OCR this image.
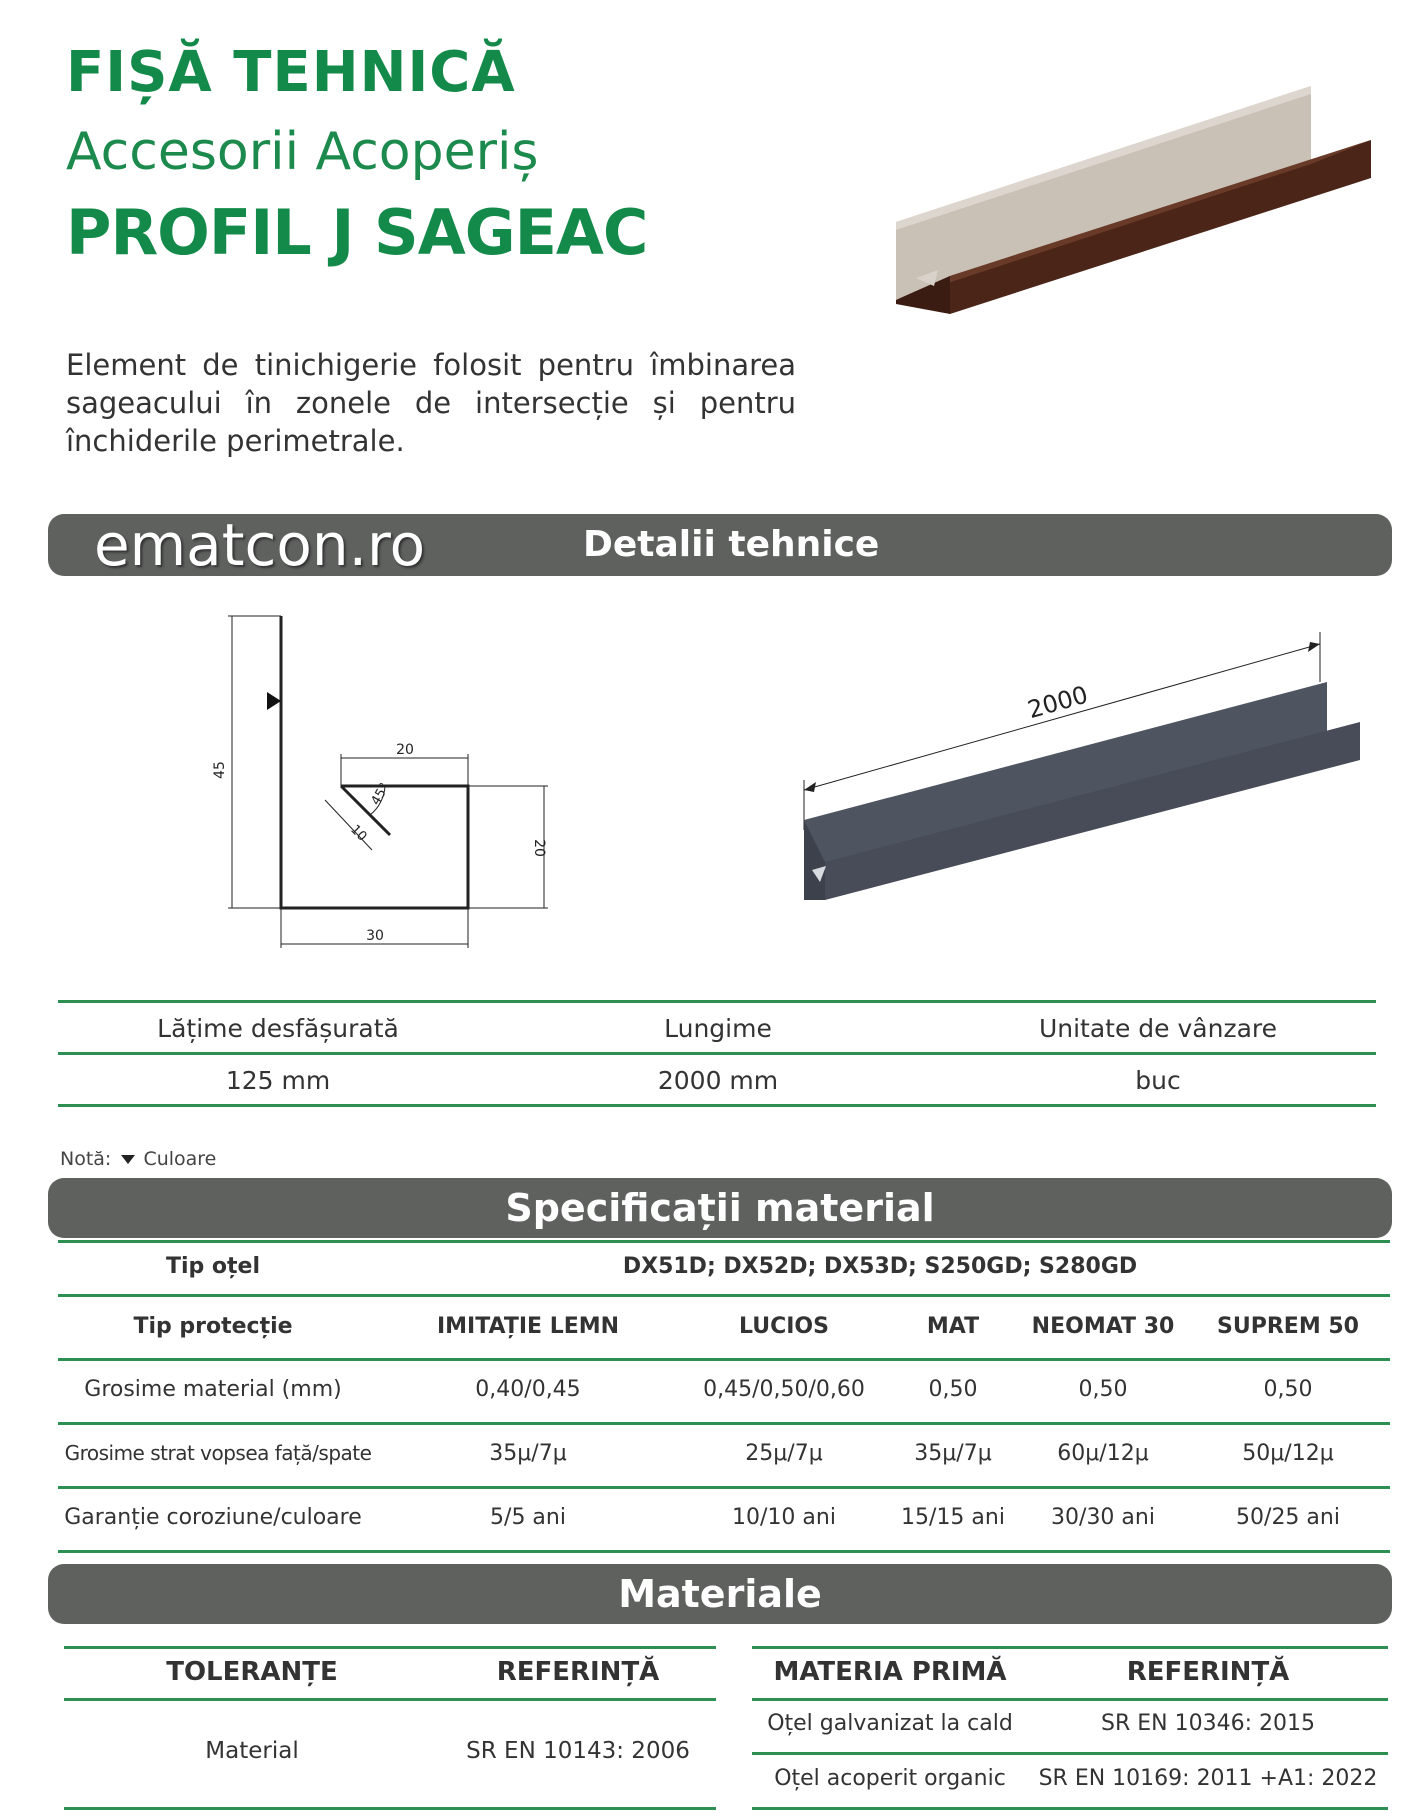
FIȘĂ TEHNICĂ
Accesorii Acoperiș
PROFIL J SAGEAC
Element de tinichigerie folosit pentru îmbinarea sageacului în zonele de intersecție și pentru închiderile perimetrale.
ematcon.ro	Detalii tehnice
45
20
45°
10
20
30
2000
Lățime desfășurată	Lungime	Unitate de vânzare
125 mm	2000 mm	buc
Notă: Culoare
Specificații material
Tip oțel	DX51D; DX52D; DX53D; S250GD; S280GD
Tip protecție	IMITAȚIE LEMN	LUCIOS	MAT	NEOMAT 30	SUPREM 50
Grosime material (mm)	0,40/0,45	0,45/0,50/0,60	0,50	0,50	0,50
Grosime strat vopsea față/spate	35μ/7μ	25μ/7μ	35μ/7μ	60μ/12μ	50μ/12μ
Garanție coroziune/culoare	5/5 ani	10/10 ani	15/15 ani	30/30 ani	50/25 ani
Materiale
TOLERANȚE	REFERINȚĂ
Material	SR EN 10143: 2006
MATERIA PRIMĂ	REFERINȚĂ
Oțel galvanizat la cald	SR EN 10346: 2015
Oțel acoperit organic	SR EN 10169: 2011 +A1: 2022
